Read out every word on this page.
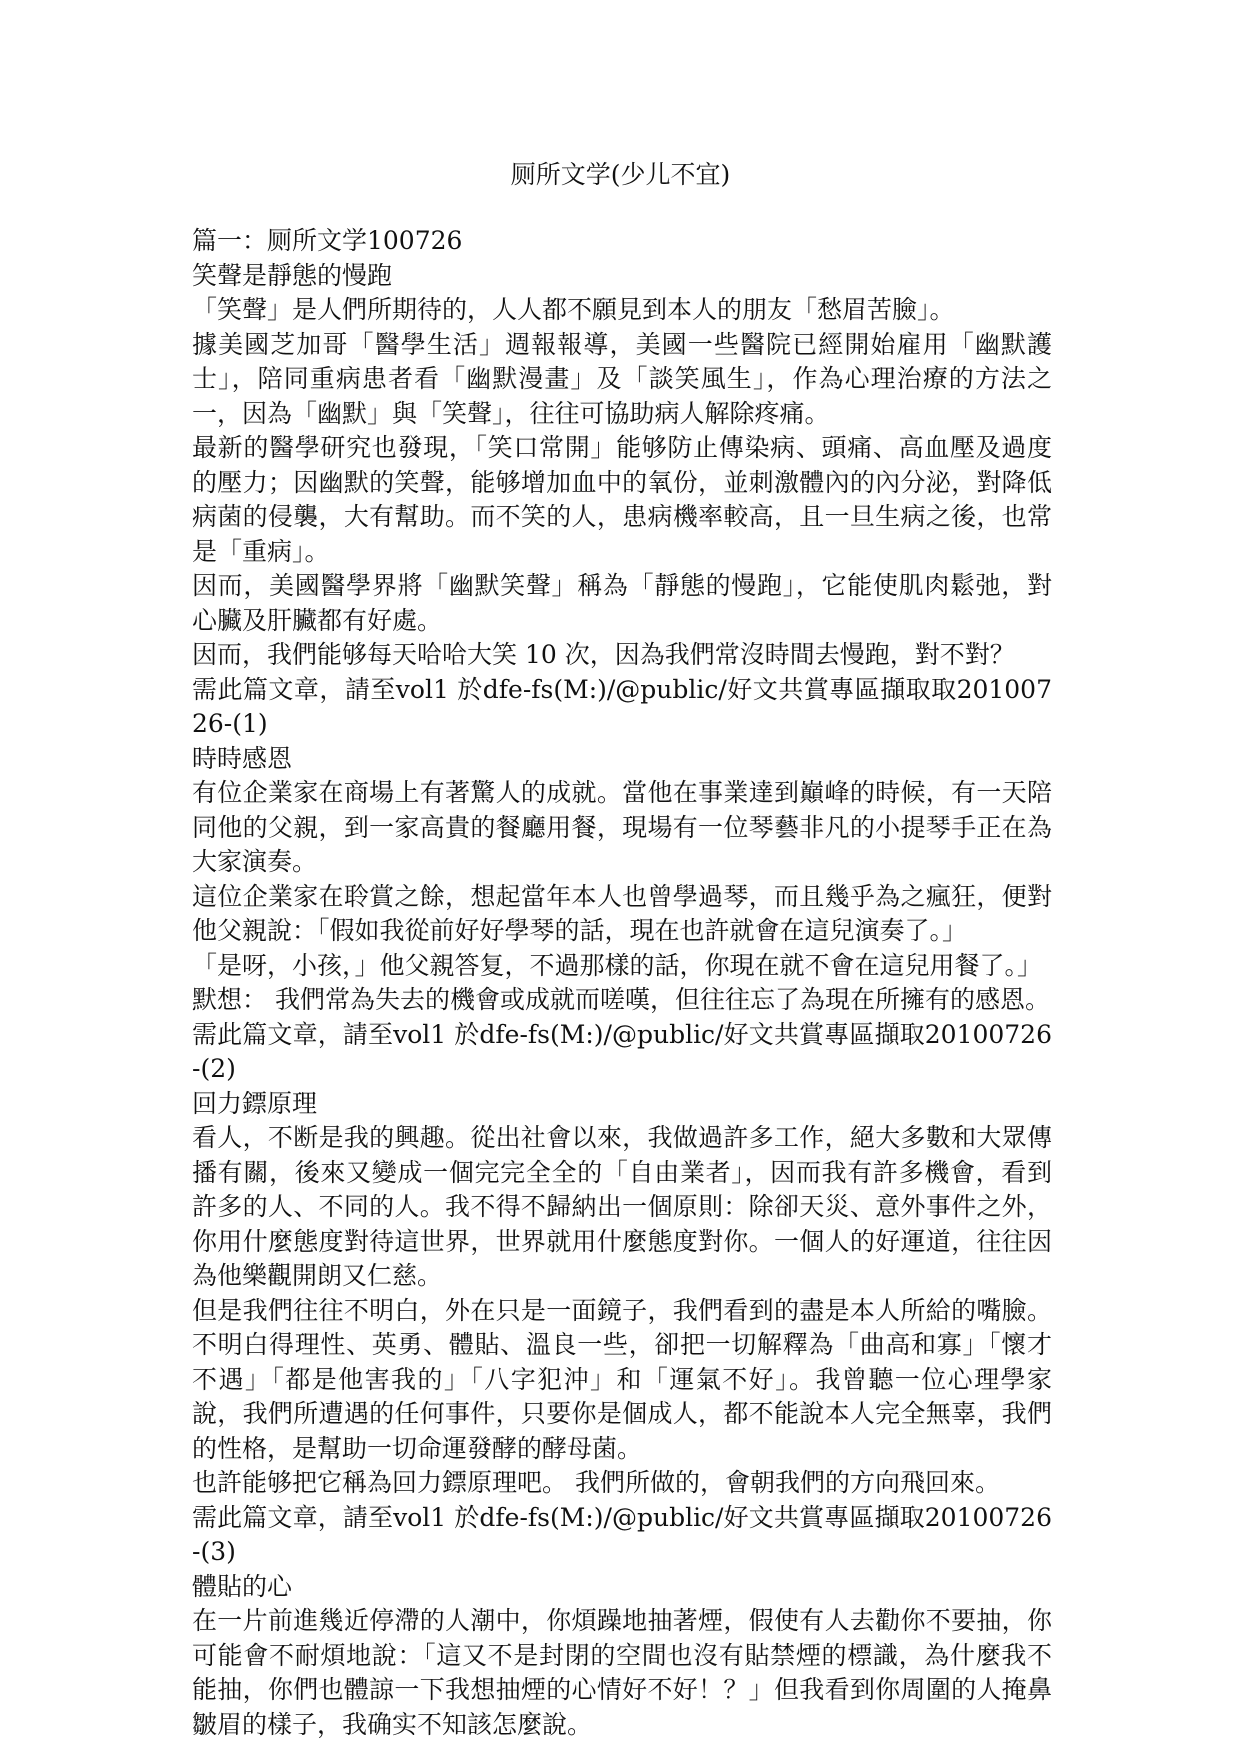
厕所文学(少儿不宜)

篇一：厕所文学100726

笑聲是靜態的慢跑

「笑聲」是人們所期待的，人人都不願見到本人的朋友「愁眉苦臉」。

據美國芝加哥「醫學生活」週報報導，美國一些醫院已經開始雇用「幽默護士」，陪同重病患者看「幽默漫畫」及「談笑風生」，作為心理治療的方法之一，因為「幽默」與「笑聲」，往往可協助病人解除疼痛。

最新的醫學研究也發現，「笑口常開」能够防止傳染病、頭痛、高血壓及過度的壓力；因幽默的笑聲，能够增加血中的氧份，並刺激體內的內分泌，對降低病菌的侵襲，大有幫助。而不笑的人，患病機率較高，且一旦生病之後，也常是「重病」。

因而，美國醫學界將「幽默笑聲」稱為「靜態的慢跑」，它能使肌肉鬆弛，對心臟及肝臟都有好處。

因而，我們能够每天哈哈大笑 10 次，因為我們常沒時間去慢跑，對不對？

需此篇文章，請至vol1 於dfe-fs(M:)/@public/好文共賞專區擷取取20100726-(1)

時時感恩

有位企業家在商場上有著驚人的成就。當他在事業達到巔峰的時候，有一天陪同他的父親，到一家高貴的餐廳用餐，現場有一位琴藝非凡的小提琴手正在為大家演奏。

這位企業家在聆賞之餘，想起當年本人也曾學過琴，而且幾乎為之瘋狂，便對他父親說：「假如我從前好好學琴的話，現在也許就會在這兒演奏了。」

「是呀，小孩，」他父親答复，不過那樣的話，你現在就不會在這兒用餐了。」

默想： 我們常為失去的機會或成就而嗟嘆，但往往忘了為現在所擁有的感恩。

需此篇文章，請至vol1 於dfe-fs(M:)/@public/好文共賞專區擷取20100726-(2)

回力鏢原理

看人，不断是我的興趣。從出社會以來，我做過許多工作，絕大多數和大眾傳播有關，後來又變成一個完完全全的「自由業者」，因而我有許多機會，看到許多的人、不同的人。我不得不歸納出一個原則：除卻天災、意外事件之外，你用什麼態度對待這世界，世界就用什麼態度對你。一個人的好運道，往往因為他樂觀開朗又仁慈。

但是我們往往不明白，外在只是一面鏡子，我們看到的盡是本人所給的嘴臉。不明白得理性、英勇、體貼、溫良一些，卻把一切解釋為「曲高和寡」「懷才不遇」「都是他害我的」「八字犯沖」和「運氣不好」。我曾聽一位心理學家說，我們所遭遇的任何事件，只要你是個成人，都不能說本人完全無辜，我們的性格，是幫助一切命運發酵的酵母菌。

也許能够把它稱為回力鏢原理吧。 我們所做的，會朝我們的方向飛回來。

需此篇文章，請至vol1 於dfe-fs(M:)/@public/好文共賞專區擷取20100726-(3)

體貼的心

在一片前進幾近停滯的人潮中，你煩躁地抽著煙，假使有人去勸你不要抽，你可能會不耐煩地說：「這又不是封閉的空間也沒有貼禁煙的標識，為什麼我不能抽，你們也體諒一下我想抽煙的心情好不好！？」但我看到你周圍的人掩鼻皺眉的樣子，我确实不知該怎麼說。
